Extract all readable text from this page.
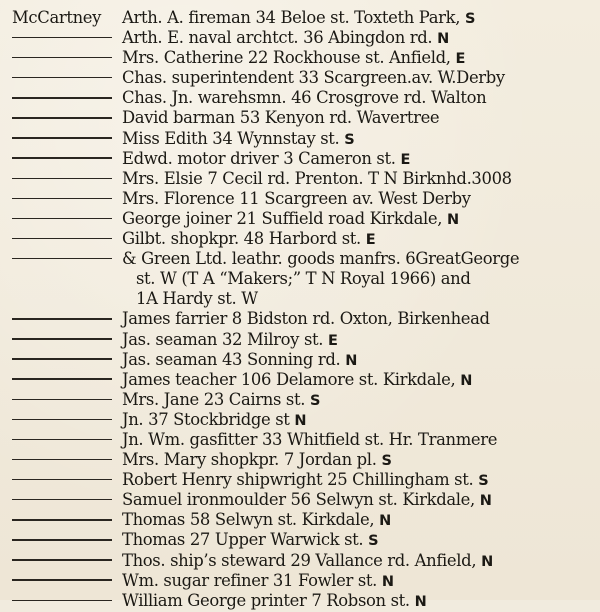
McCartney Arth. A. fireman 34 Beloe st. Toxteth Park, S
Arth. E. naval archtct. 36 Abingdon rd. N
Mrs. Catherine 22 Rockhouse st. Anfield, E
Chas. superintendent 33 Scargreen.av. W.Derby
Chas. Jn. warehsmn. 46 Crosgrove rd. Walton
David barman 53 Kenyon rd. Wavertree
Miss Edith 34 Wynnstay st. S
Edwd. motor driver 3 Cameron st. E
Mrs. Elsie 7 Cecil rd. Prenton. T N Birknhd.3008
Mrs. Florence 11 Scargreen av. West Derby
George joiner 21 Suffield road Kirkdale, N
Gilbt. shopkpr. 48 Harbord st. E
& Green Ltd. leathr. goods manfrs. 6GreatGeorge
st. W (T A “Makers;” T N Royal 1966) and
1A Hardy st. W
James farrier 8 Bidston rd. Oxton, Birkenhead
Jas. seaman 32 Milroy st. E
Jas. seaman 43 Sonning rd. N
James teacher 106 Delamore st. Kirkdale, N
Mrs. Jane 23 Cairns st. S
Jn. 37 Stockbridge st N
Jn. Wm. gasfitter 33 Whitfield st. Hr. Tranmere
Mrs. Mary shopkpr. 7 Jordan pl. S
Robert Henry shipwright 25 Chillingham st. S
Samuel ironmoulder 56 Selwyn st. Kirkdale, N
Thomas 58 Selwyn st. Kirkdale, N
Thomas 27 Upper Warwick st. S
Thos. ship’s steward 29 Vallance rd. Anfield, N
Wm. sugar refiner 31 Fowler st. N
William George printer 7 Robson st. N
